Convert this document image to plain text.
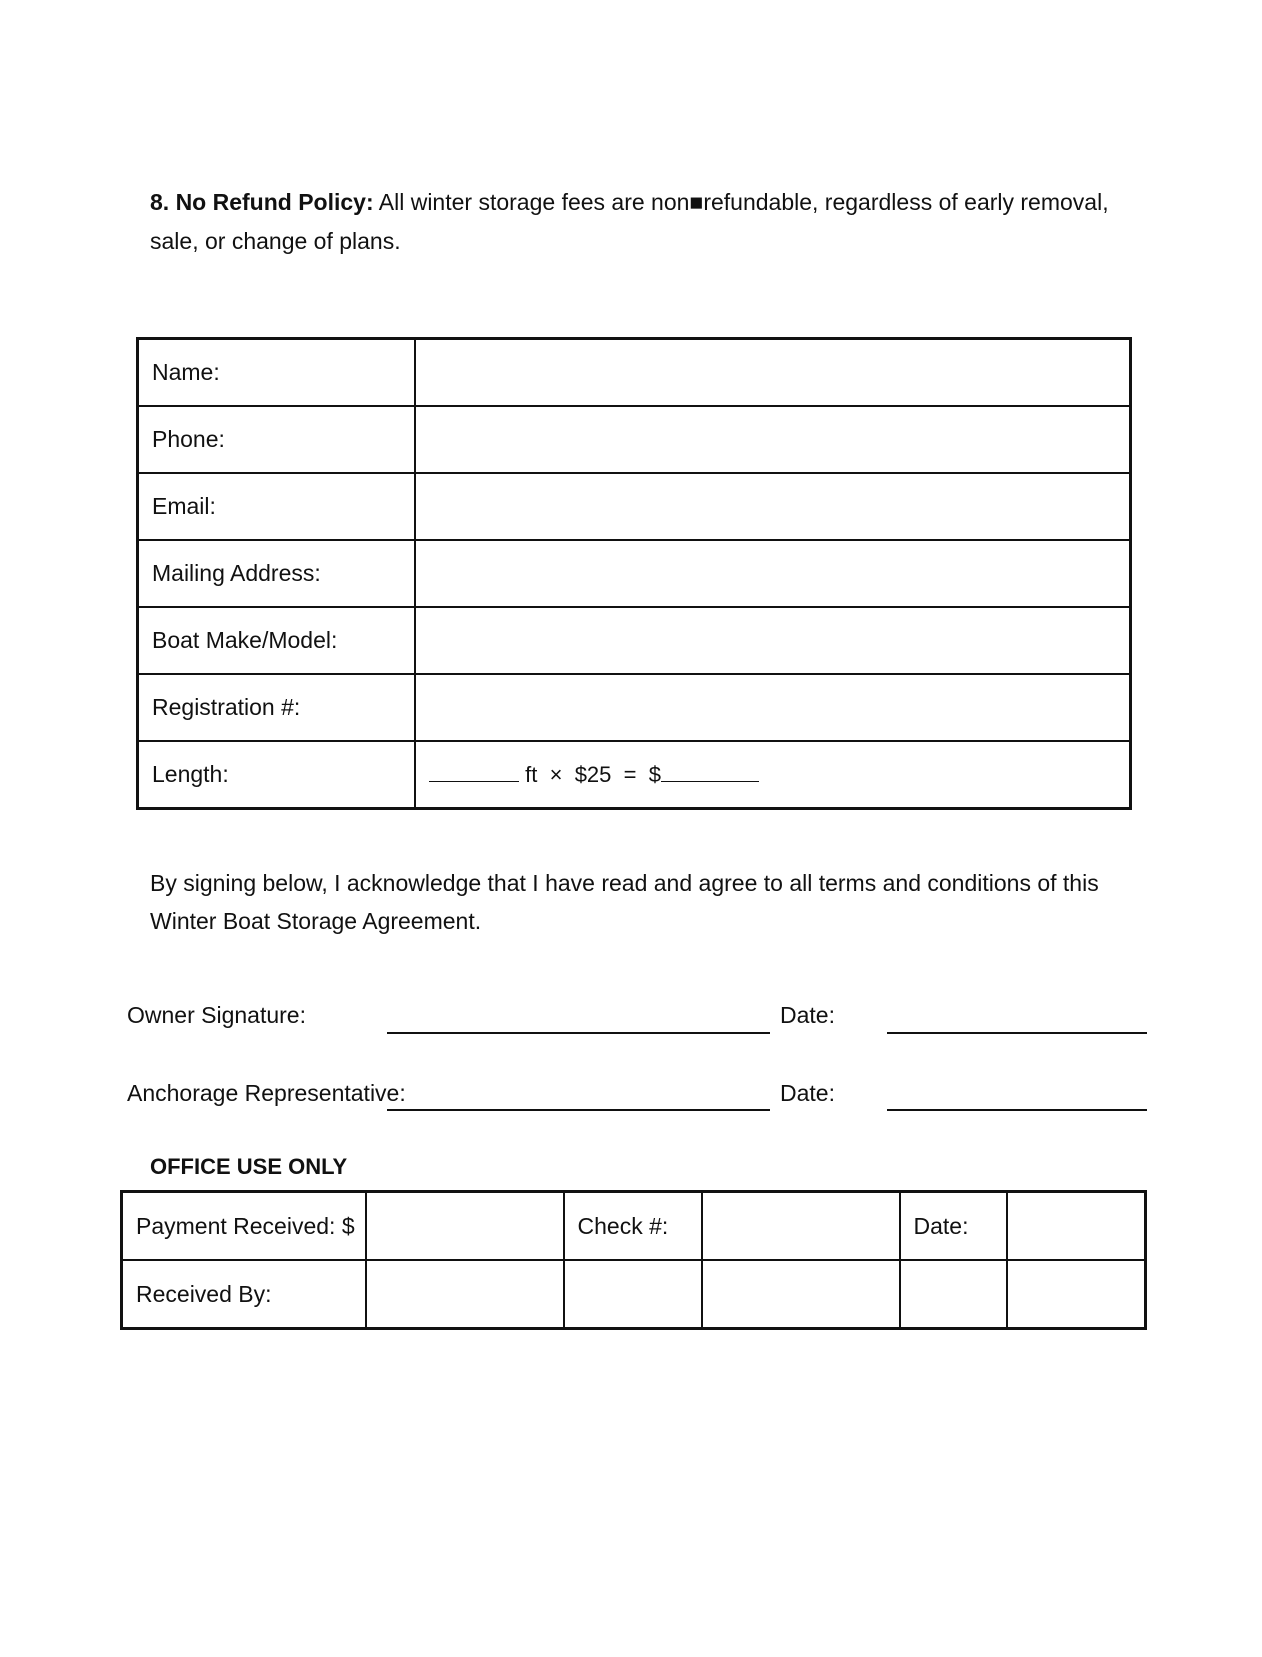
8. No Refund Policy: All winter storage fees are non■refundable, regardless of early removal, sale, or change of plans.
Name:	
Phone:	
Email:	
Mailing Address:	
Boat Make/Model:	
Registration #:	
Length:	ft × $25 = $
By signing below, I acknowledge that I have read and agree to all terms and conditions of this Winter Boat Storage Agreement.
Owner Signature:	Date:
Anchorage Representative:	Date:
OFFICE USE ONLY
Payment Received: $		Check #:		Date:	
Received By:					
